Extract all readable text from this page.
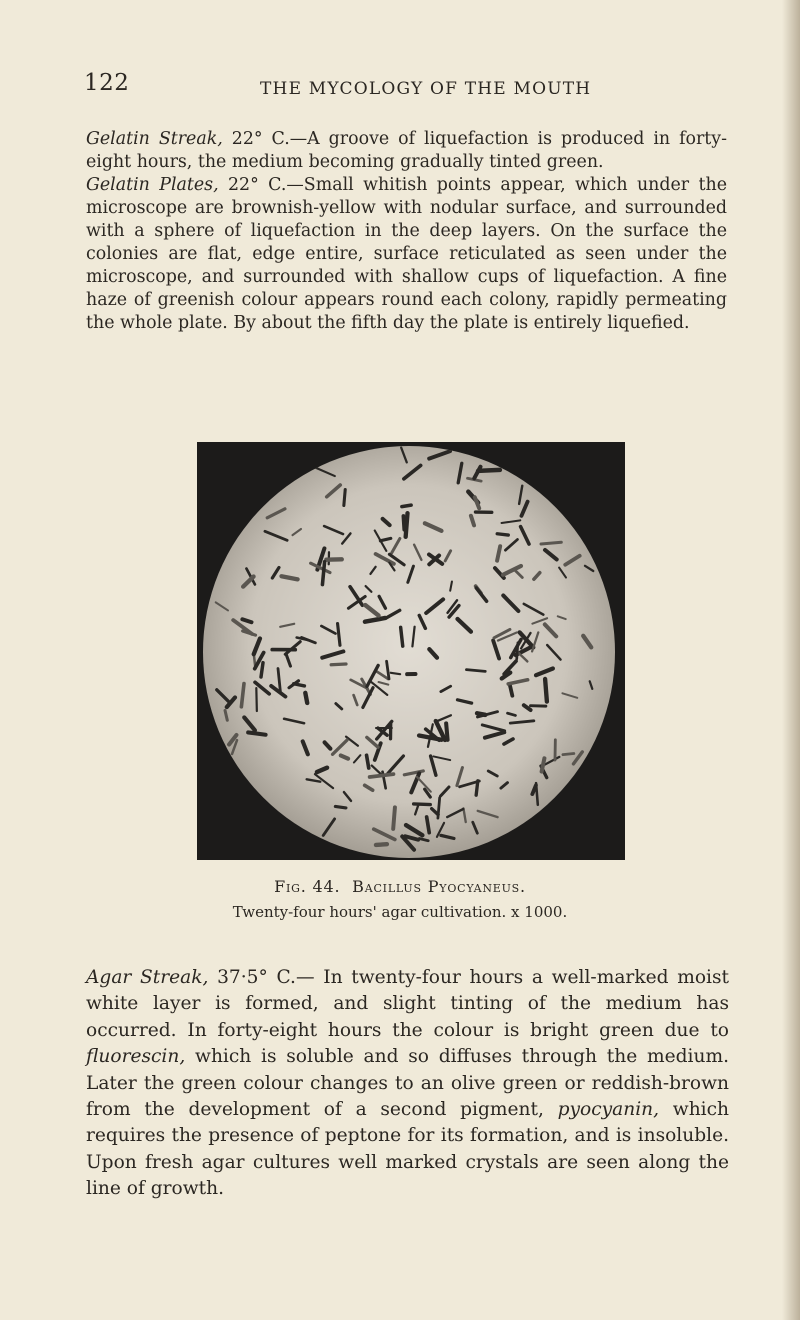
122	THE MYCOLOGY OF THE MOUTH

Gelatin Streak, 22° C.—A groove of liquefaction is produced in forty-eight hours, the medium becoming gradually tinted green.

Gelatin Plates, 22° C.—Small whitish points appear, which under the microscope are brownish-yellow with nodular surface, and surrounded with a sphere of liquefaction in the deep layers. On the surface the colonies are flat, edge entire, surface reticulated as seen under the microscope, and surrounded with shallow cups of liquefaction. A fine haze of greenish colour appears round each colony, rapidly permeating the whole plate. By about the fifth day the plate is entirely liquefied.

Fig. 44. Bacillus Pyocyaneus.

Twenty-four hours' agar cultivation. x 1000.

Agar Streak, 37·5° C.— In twenty-four hours a well-marked moist white layer is formed, and slight tinting of the medium has occurred. In forty-eight hours the colour is bright green due to fluorescin, which is soluble and so diffuses through the medium. Later the green colour changes to an olive green or reddish-brown from the development of a second pigment, pyocyanin, which requires the presence of peptone for its formation, and is insoluble. Upon fresh agar cultures well marked crystals are seen along the line of growth.
